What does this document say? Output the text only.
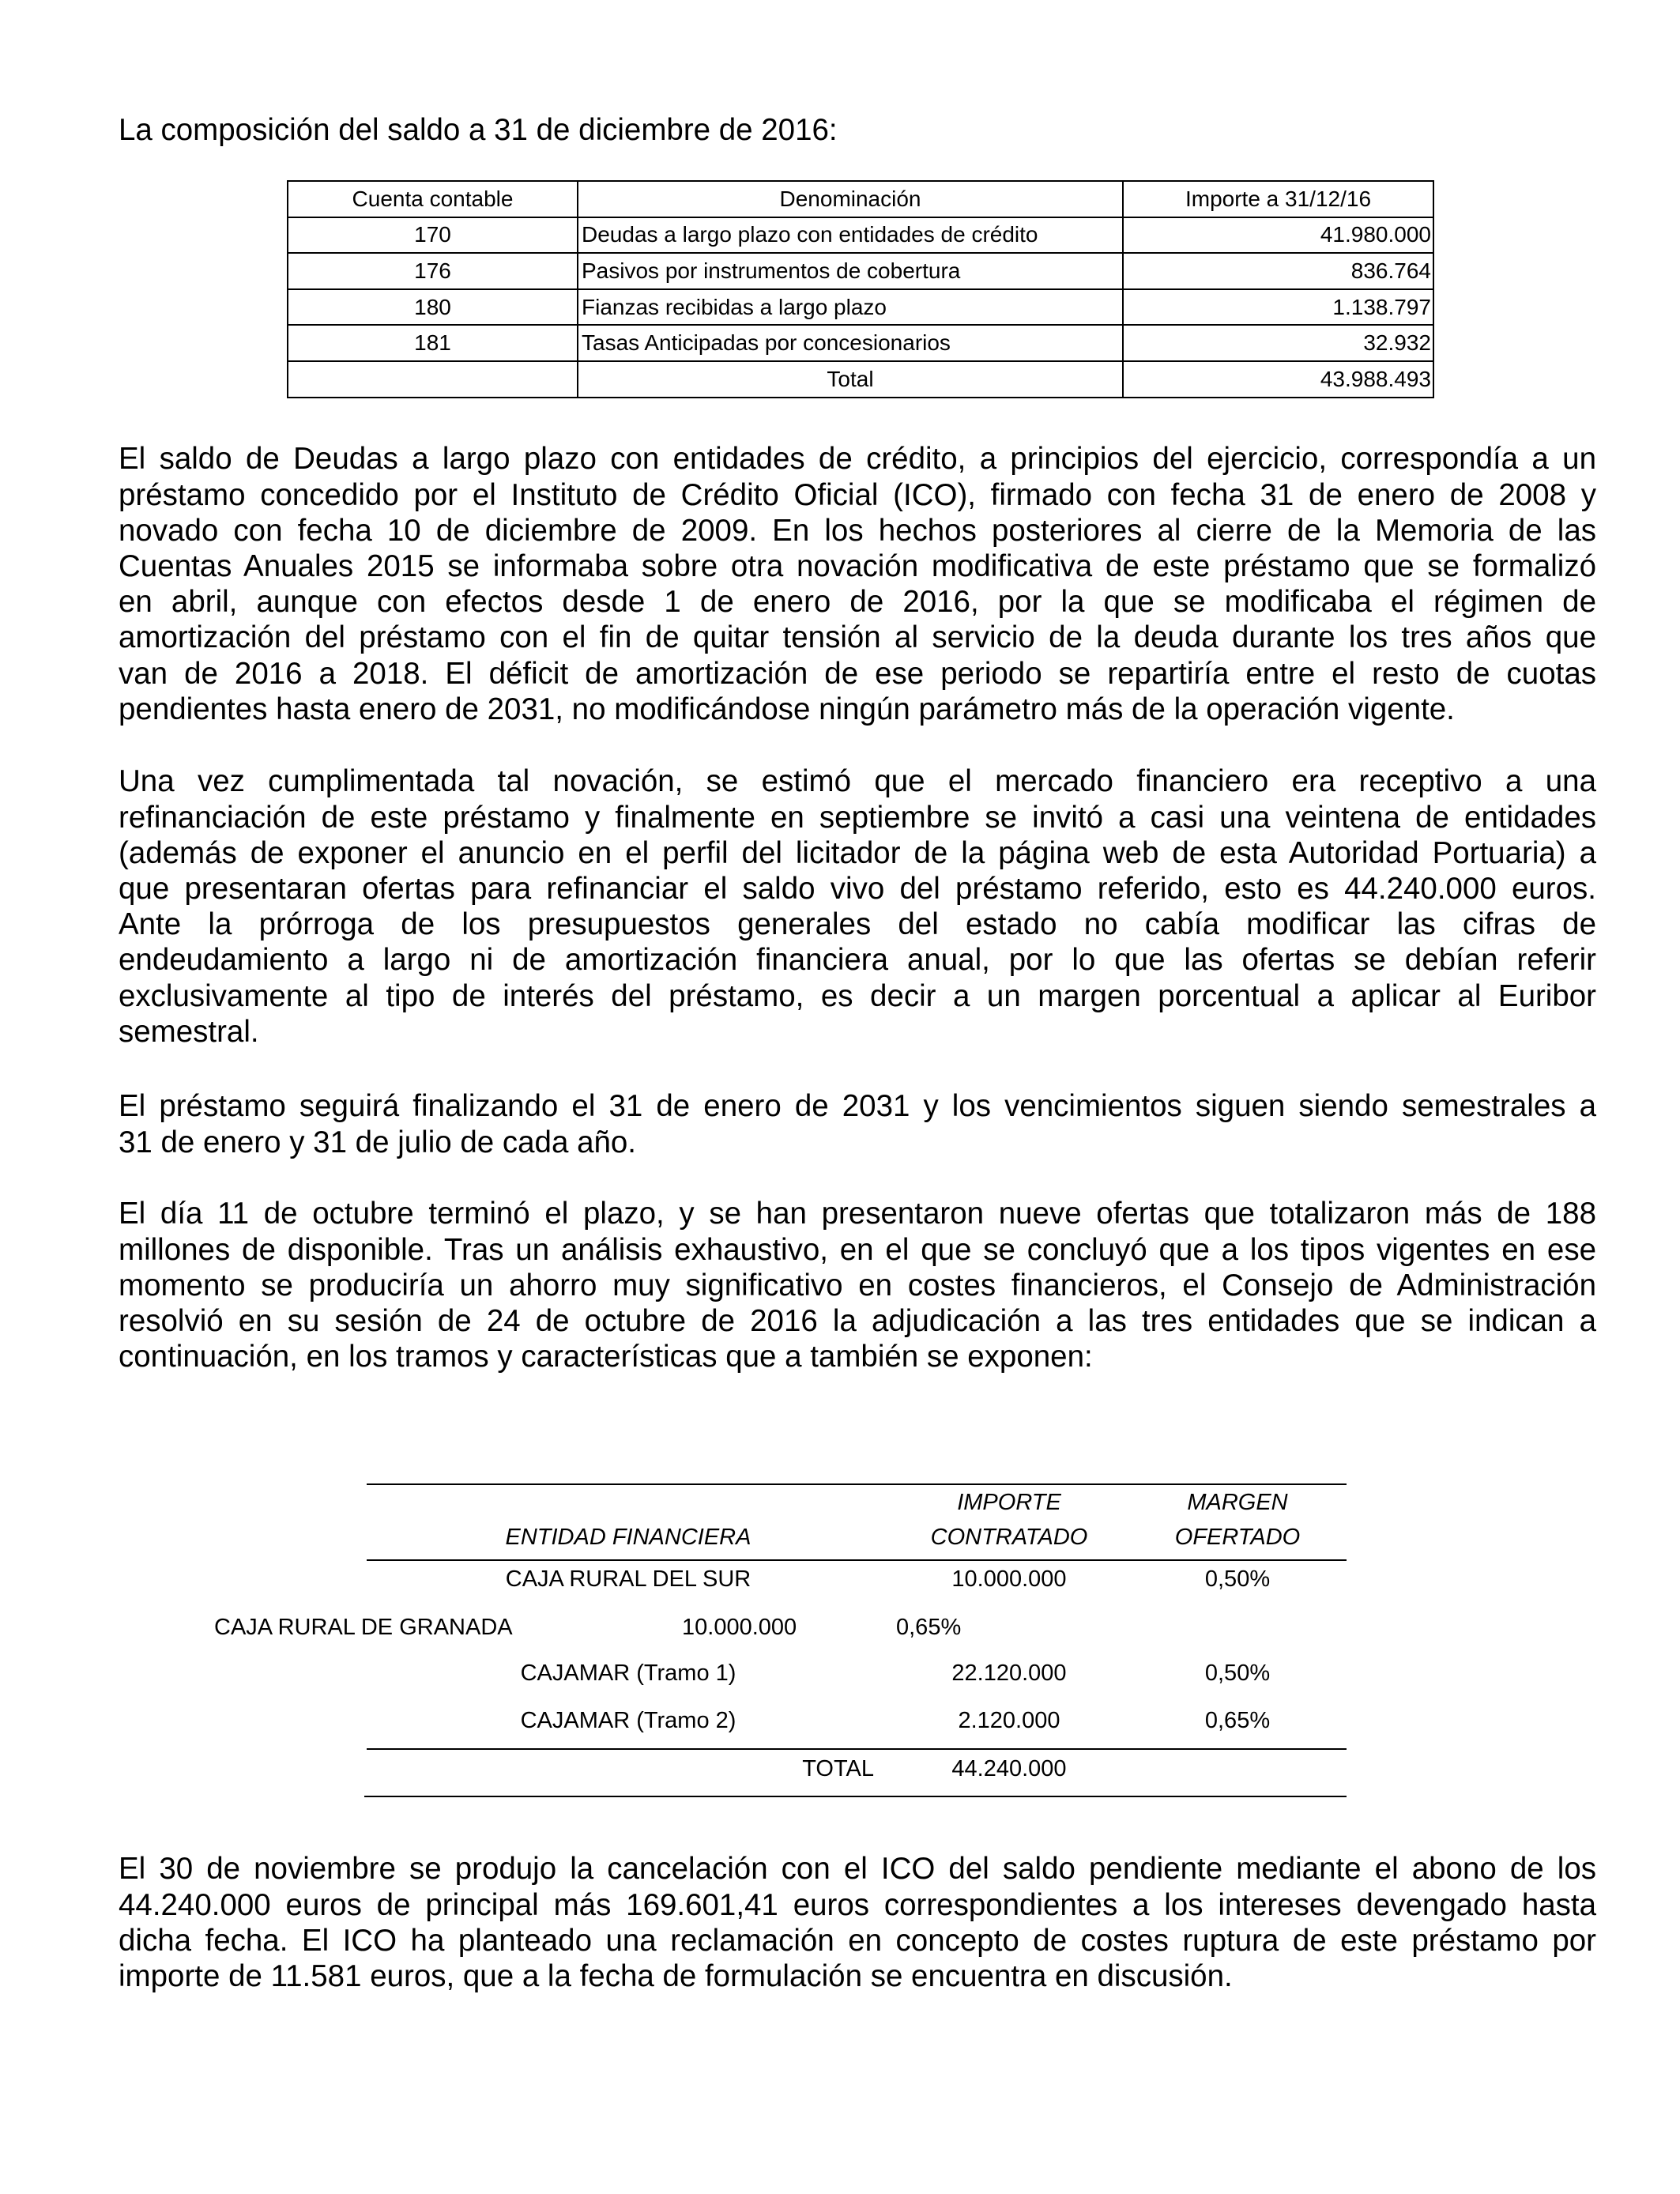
La composición del saldo a 31 de diciembre de 2016:
Cuenta contable	Denominación	Importe a 31/12/16
170	Deudas a largo plazo con entidades de crédito	41.980.000
176	Pasivos por instrumentos de cobertura	836.764
180	Fianzas recibidas a largo plazo	1.138.797
181	Tasas Anticipadas por concesionarios	32.932
	Total	43.988.493
El saldo de Deudas a largo plazo con entidades de crédito, a principios del ejercicio, correspondía a un
préstamo concedido por el Instituto de Crédito Oficial (ICO), firmado con fecha 31 de enero de 2008 y
novado con fecha 10 de diciembre de 2009. En los hechos posteriores al cierre de la Memoria de las
Cuentas Anuales 2015 se informaba sobre otra novación modificativa de este préstamo que se formalizó
en abril, aunque con efectos desde 1 de enero de 2016, por la que se modificaba el régimen de
amortización del préstamo con el fin de quitar tensión al servicio de la deuda durante los tres años que
van de 2016 a 2018. El déficit de amortización de ese periodo se repartiría entre el resto de cuotas
pendientes hasta enero de 2031, no modificándose ningún parámetro más de la operación vigente.
Una vez cumplimentada tal novación, se estimó que el mercado financiero era receptivo a una
refinanciación de este préstamo y finalmente en septiembre se invitó a casi una veintena de entidades
(además de exponer el anuncio en el perfil del licitador de la página web de esta Autoridad Portuaria) a
que presentaran ofertas para refinanciar el saldo vivo del préstamo referido, esto es 44.240.000 euros.
Ante la prórroga de los presupuestos generales del estado no cabía modificar las cifras de
endeudamiento a largo ni de amortización financiera anual, por lo que las ofertas se debían referir
exclusivamente al tipo de interés del préstamo, es decir a un margen porcentual a aplicar al Euribor
semestral.
El préstamo seguirá finalizando el 31 de enero de 2031 y los vencimientos siguen siendo semestrales a
31 de enero y 31 de julio de cada año.
El día 11 de octubre terminó el plazo, y se han presentaron nueve ofertas que totalizaron más de 188
millones de disponible. Tras un análisis exhaustivo, en el que se concluyó que a los tipos vigentes en ese
momento se produciría un ahorro muy significativo en costes financieros, el Consejo de Administración
resolvió en su sesión de 24 de octubre de 2016 la adjudicación a las tres entidades que se indican a
continuación, en los tramos y características que a también se exponen:
IMPORTE	MARGEN
ENTIDAD FINANCIERA	CONTRATADO	OFERTADO
CAJA RURAL DEL SUR	10.000.000	0,50%
CAJA RURAL DE GRANADA	10.000.000	0,65%
CAJAMAR (Tramo 1)	22.120.000	0,50%
CAJAMAR (Tramo 2)	2.120.000	0,65%
TOTAL	44.240.000
El 30 de noviembre se produjo la cancelación con el ICO del saldo pendiente mediante el abono de los
44.240.000 euros de principal más 169.601,41 euros correspondientes a los intereses devengado hasta
dicha fecha. El ICO ha planteado una reclamación en concepto de costes ruptura de este préstamo por
importe de 11.581 euros, que a la fecha de formulación se encuentra en discusión.
